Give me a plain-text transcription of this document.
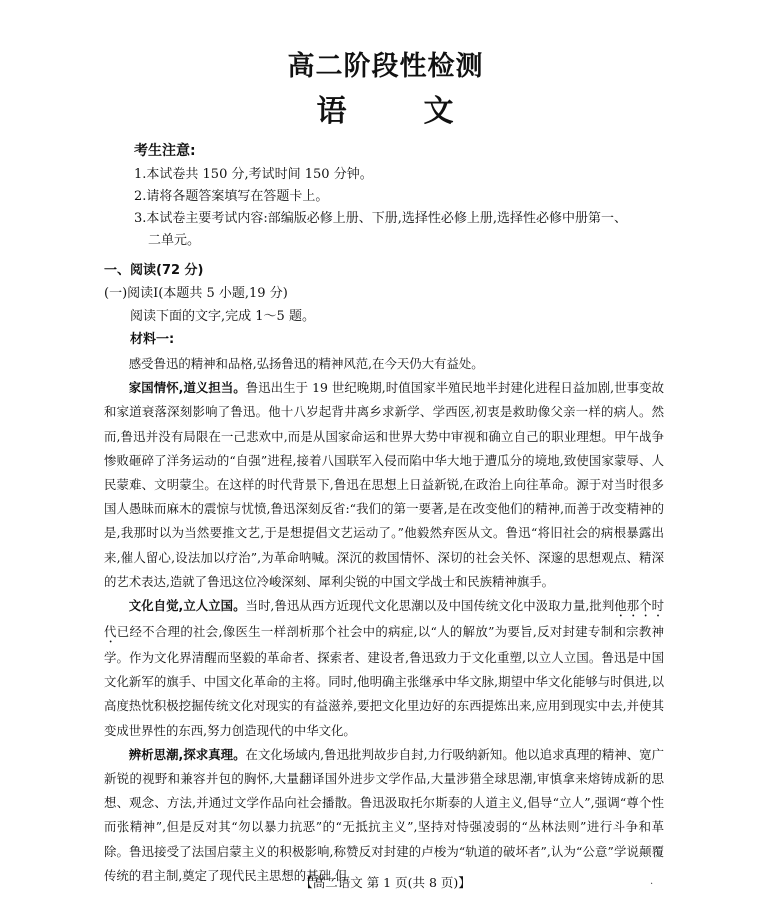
高二阶段性检测
语	文
考生注意:
1.本试卷共 150 分,考试时间 150 分钟。
2.请将各题答案填写在答题卡上。
3.本试卷主要考试内容:部编版必修上册、下册,选择性必修上册,选择性必修中册第一、
二单元。
一、阅读(72 分)
(一)阅读Ⅰ(本题共 5 小题,19 分)
阅读下面的文字,完成 1～5 题。
材料一:

感受鲁迅的精神和品格,弘扬鲁迅的精神风范,在今天仍大有益处。

家国情怀,道义担当。鲁迅出生于 19 世纪晚期,时值国家半殖民地半封建化进程日益加剧,世事变故和家道衰落深刻影响了鲁迅。他十八岁起背井离乡求新学、学西医,初衷是救助像父亲一样的病人。然而,鲁迅并没有局限在一己悲欢中,而是从国家命运和世界大势中审视和确立自己的职业理想。甲午战争惨败砸碎了洋务运动的“自强”进程,接着八国联军入侵而陷中华大地于遭瓜分的境地,致使国家蒙辱、人民蒙难、文明蒙尘。在这样的时代背景下,鲁迅在思想上日益新锐,在政治上向往革命。源于对当时很多国人愚昧而麻木的震惊与忧愤,鲁迅深刻反省:“我们的第一要著,是在改变他们的精神,而善于改变精神的是,我那时以为当然要推文艺,于是想提倡文艺运动了。”他毅然弃医从文。鲁迅“将旧社会的病根暴露出来,催人留心,设法加以疗治”,为革命呐喊。深沉的救国情怀、深切的社会关怀、深邃的思想观点、精深的艺术表达,造就了鲁迅这位冷峻深刻、犀利尖锐的中国文学战士和民族精神旗手。

文化自觉,立人立国。当时,鲁迅从西方近现代文化思潮以及中国传统文化中汲取力量,批判他那个时代已经不合理的社会,像医生一样剖析那个社会中的病症,以“人的解放”为要旨,反对封建专制和宗教神学。作为文化界清醒而坚毅的革命者、探索者、建设者,鲁迅致力于文化重塑,以立人立国。鲁迅是中国文化新军的旗手、中国文化革命的主将。同时,他明确主张继承中华文脉,期望中华文化能够与时俱进,以高度热忱积极挖掘传统文化对现实的有益滋养,要把文化里边好的东西提炼出来,应用到现实中去,并使其变成世界性的东西,努力创造现代的中华文化。

辨析思潮,探求真理。在文化场域内,鲁迅批判故步自封,力行吸纳新知。他以追求真理的精神、宽广新锐的视野和兼容并包的胸怀,大量翻译国外进步文学作品,大量涉猎全球思潮,审慎拿来熔铸成新的思想、观念、方法,并通过文学作品向社会播散。鲁迅汲取托尔斯泰的人道主义,倡导“立人”,强调“尊个性而张精神”,但是反对其“勿以暴力抗恶”的“无抵抗主义”,坚持对恃强凌弱的“丛林法则”进行斗争和革除。鲁迅接受了法国启蒙主义的积极影响,称赞反对封建的卢梭为“轨道的破坏者”,认为“公意”学说颠覆传统的君主制,奠定了现代民主思想的基础,但

【高二语文 第 1 页(共 8 页)】	.
